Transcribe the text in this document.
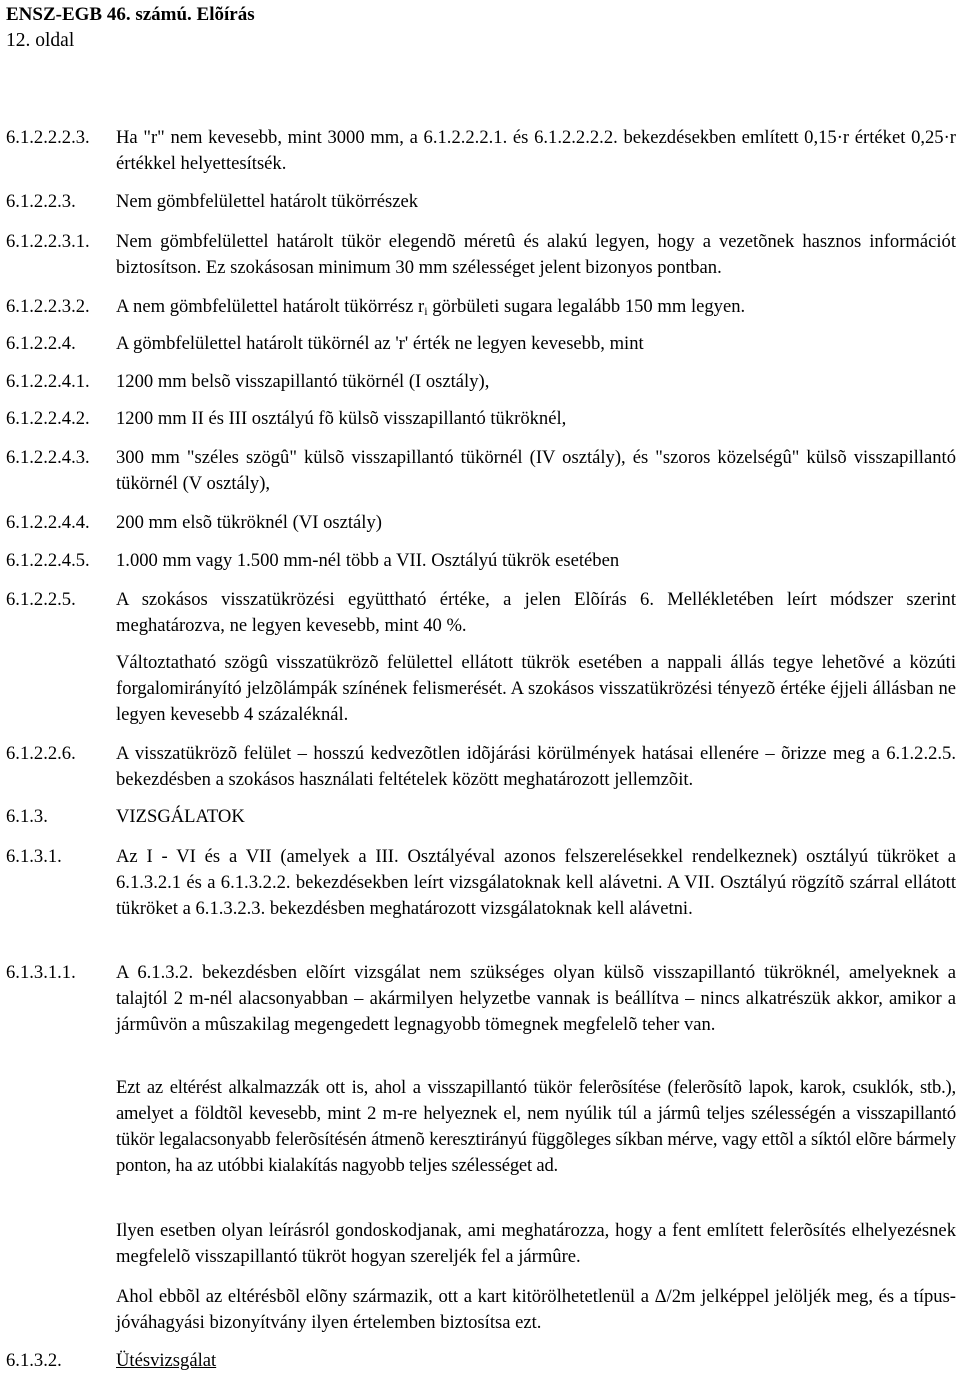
ENSZ-EGB 46. számú. Elõírás
12. oldal
6.1.2.2.2.3. Ha "r" nem kevesebb, mint 3000 mm, a 6.1.2.2.2.1. és 6.1.2.2.2.2. bekezdésekben említett 0,15·r értéket 0,25·r értékkel helyettesítsék.
6.1.2.2.3. Nem gömbfelülettel határolt tükörrészek
6.1.2.2.3.1. Nem gömbfelülettel határolt tükör elegendõ méretû és alakú legyen, hogy a vezetõnek hasznos információt biztosítson. Ez szokásosan minimum 30 mm szélességet jelent bizonyos pontban.
6.1.2.2.3.2. A nem gömbfelülettel határolt tükörrész $r_i$ görbületi sugara legalább 150 mm legyen.
6.1.2.2.4. A gömbfelülettel határolt tükörnél az 'r' érték ne legyen kevesebb, mint
6.1.2.2.4.1. 1200 mm belsõ visszapillantó tükörnél (I osztály),
6.1.2.2.4.2. 1200 mm II és III osztályú fõ külsõ visszapillantó tükröknél,
6.1.2.2.4.3. 300 mm "széles szögû" külsõ visszapillantó tükörnél (IV osztály), és "szoros közelségû" külsõ visszapillantó tükörnél (V osztály),
6.1.2.2.4.4. 200 mm elsõ tükröknél (VI osztály)
6.1.2.2.4.5. 1.000 mm vagy 1.500 mm-nél több a VII. Osztályú tükrök esetében
6.1.2.2.5. A szokásos visszatükrözési együttható értéke, a jelen Elõírás 6. Mellékletében leírt módszer szerint meghatározva, ne legyen kevesebb, mint 40 %.
Változtatható szögû visszatükrözõ felülettel ellátott tükrök esetében a nappali állás tegye lehetõvé a közúti forgalomirányító jelzõlámpák színének felismerését. A szokásos visszatükrözési tényezõ értéke éjjeli állásban ne legyen kevesebb 4 százaléknál.
6.1.2.2.6. A visszatükrözõ felület – hosszú kedvezõtlen idõjárási körülmények hatásai ellenére – õrizze meg a 6.1.2.2.5. bekezdésben a szokásos használati feltételek között meghatározott jellemzõit.
6.1.3.	VIZSGÁLATOK
6.1.3.1.	Az I - VI és a VII (amelyek a III. Osztályéval azonos felszerelésekkel rendelkeznek) osztályú tükröket a 6.1.3.2.1 és a 6.1.3.2.2. bekezdésekben leírt vizsgálatoknak kell alávetni. A VII. Osztályú rögzítõ szárral ellátott tükröket a 6.1.3.2.3. bekezdésben meghatározott vizsgálatoknak kell alávetni.
6.1.3.1.1. A 6.1.3.2. bekezdésben elõírt vizsgálat nem szükséges olyan külsõ visszapillantó tükröknél, amelyeknek a talajtól 2 m-nél alacsonyabban – akármilyen helyzetbe vannak is beállítva – nincs alkatrészük akkor, amikor a jármûvön a mûszakilag megengedett legnagyobb tömegnek megfelelõ teher van.
Ezt az eltérést alkalmazzák ott is, ahol a visszapillantó tükör felerõsítése (felerõsítõ lapok, karok, csuklók, stb.), amelyet a földtõl kevesebb, mint 2 m-re helyeznek el, nem nyúlik túl a jármû teljes szélességén a visszapillantó tükör legalacsonyabb felerõsítésén átmenõ keresztirányú függõleges síkban mérve, vagy ettõl a síktól elõre bármely ponton, ha az utóbbi kialakítás nagyobb teljes szélességet ad.
Ilyen esetben olyan leírásról gondoskodjanak, ami meghatározza, hogy a fent említett felerõsítés elhelyezésnek megfelelõ visszapillantó tükröt hogyan szereljék fel a jármûre.
Ahol ebbõl az eltérésbõl elõny származik, ott a kart kitörölhetetlenül a Δ/2m jelképpel jelöljék meg, és a típus-jóváhagyási bizonyítvány ilyen értelemben biztosítsa ezt.
6.1.3.2.	Ütésvizsgálat
